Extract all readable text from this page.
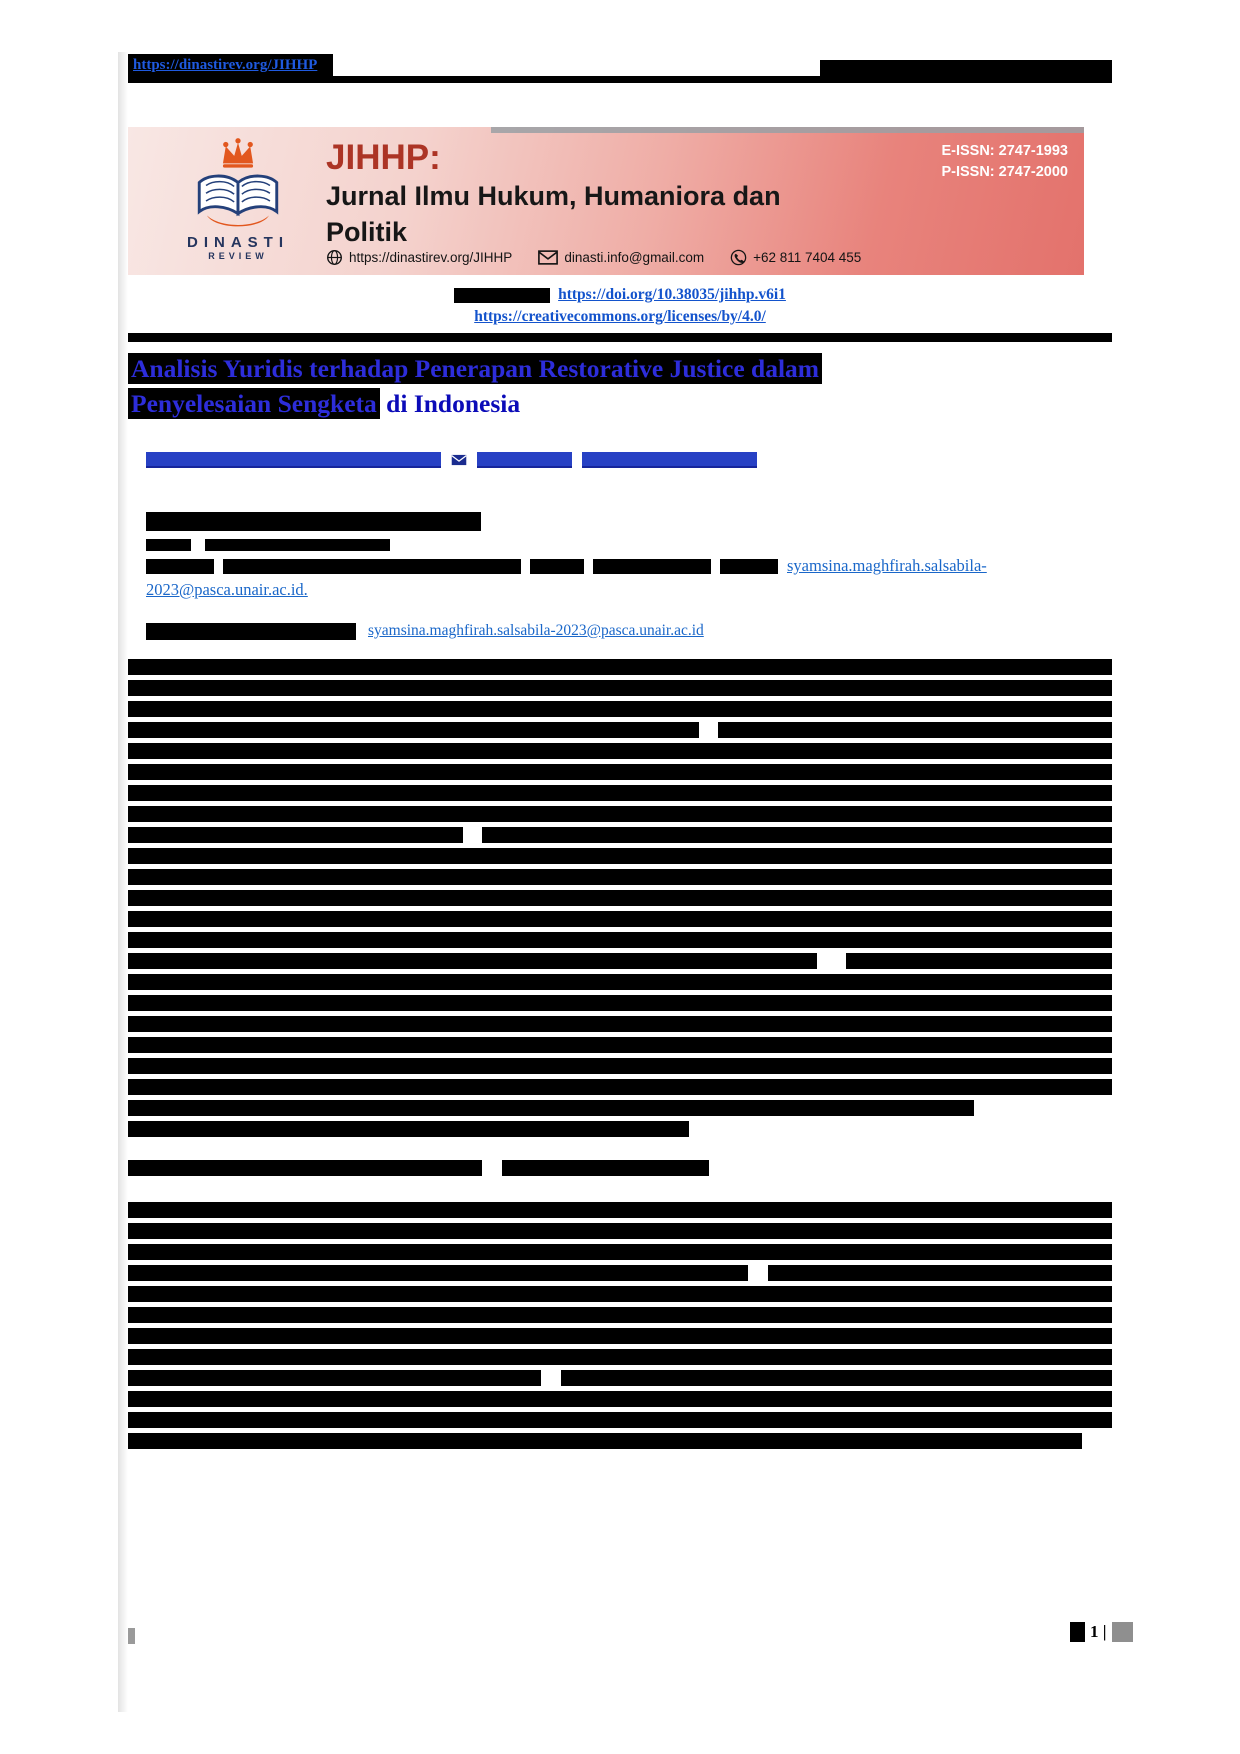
https://dinastirev.org/JIHHP
DINASTI
REVIEW
JIHHP:
Jurnal Ilmu Hukum, Humaniora dan
Politik
E-ISSN: 2747-1993
P-ISSN: 2747-2000
https://dinastirev.org/JIHHP	dinasti.info@gmail.com	+62 811 7404 455
https://doi.org/10.38035/jihhp.v6i1
https://creativecommons.org/licenses/by/4.0/
Analisis Yuridis terhadap Penerapan Restorative Justice dalam
Penyelesaian Sengketa di Indonesia
syamsina.maghfirah.salsabila-
2023@pasca.unair.ac.id.
syamsina.maghfirah.salsabila-2023@pasca.unair.ac.id
1 |
